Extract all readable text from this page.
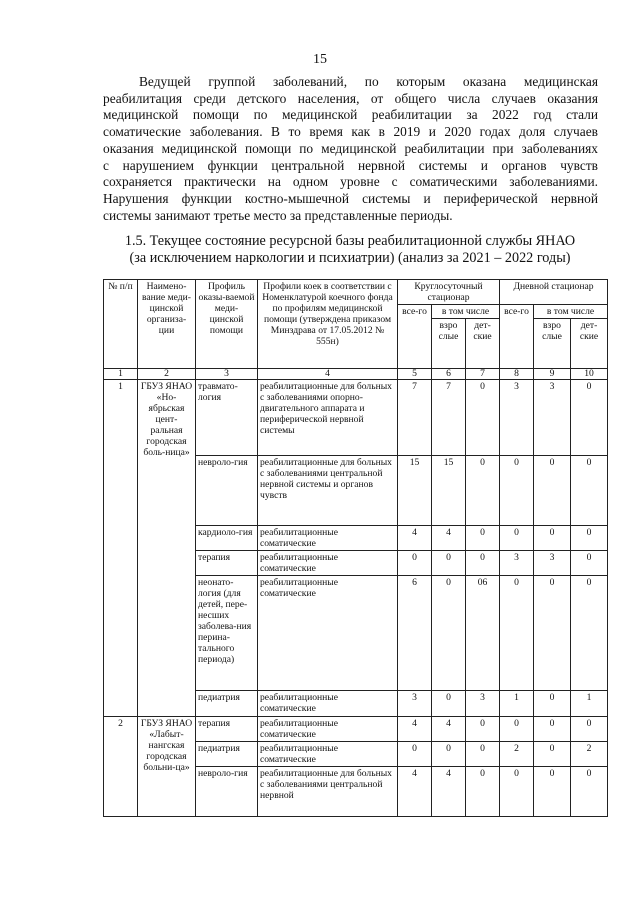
15

Ведущей группой заболеваний, по которым оказана медицинская

реабилитация среди детского населения, от общего числа случаев оказания

медицинской помощи по медицинской реабилитации за 2022 год стали

соматические заболевания. В то время как в 2019 и 2020 годах доля случаев

оказания медицинской помощи по медицинской реабилитации при заболеваниях

с нарушением функции центральной нервной системы и органов чувств

сохраняется практически на одном уровне с соматическими заболеваниями.

Нарушения функции костно-мышечной системы и периферической нервной

системы занимают третье место за представленные периоды.

1.5. Текущее состояние ресурсной базы реабилитационной службы ЯНАО
(за исключением наркологии и психиатрии) (анализ за 2021 – 2022 годы)
№ п/п	Наимено-вание меди-цинской организа-ции	Профиль оказы-ваемой меди-цинской помощи	Профили коек в соответствии с Номенклатурой коечного фонда по профилям медицинской помощи (утверждена приказом Минздрава от 17.05.2012 № 555н)	Круглосуточный стационар			Дневной стационар		
				все-го	в том числе		все-го	в том числе	
					взро слые	дет-ские		взро слые	дет-ские
1	2	3	4	5	6	7	8	9	10
1	ГБУЗ ЯНАО «Но-ябрьская цент-ральная городская боль-ница»	травмато-логия	реабилитационные для больных с заболеваниями опорно-двигательного аппарата и периферической нервной системы	7	7	0	3	3	0
		невроло-гия	реабилитационные для больных с заболеваниями центральной нервной системы и органов чувств	15	15	0	0	0	0
		кардиоло-гия	реабилитационные соматические	4	4	0	0	0	0
		терапия	реабилитационные соматические	0	0	0	3	3	0
		неонато-логия (для детей, пере-несших заболева-ния перина-тального периода)	реабилитационные соматические	6	0	06	0	0	0
		педиатрия	реабилитационные соматические	3	0	3	1	0	1
2	ГБУЗ ЯНАО «Лабыт-нангская городская больни-ца»	терапия	реабилитационные соматические	4	4	0	0	0	0
		педиатрия	реабилитационные соматические	0	0	0	2	0	2
		невроло-гия	реабилитационные для больных с заболеваниями центральной нервной	4	4	0	0	0	0
